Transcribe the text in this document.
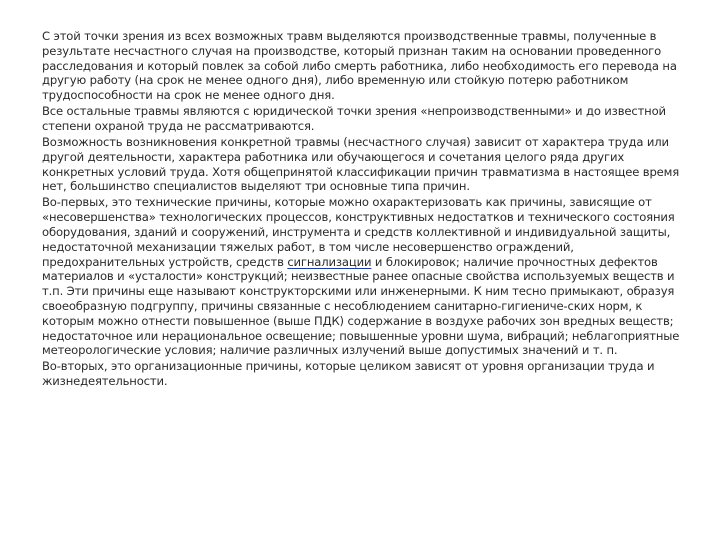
С этой точки зрения из всех возможных травм выделяются производственные травмы, полученные в результате несчастного случая на производстве, который признан таким на основании проведенного расследования и который повлек за собой либо смерть работника, либо необходимость его перевода на другую работу (на срок не менее одного дня), либо временную или стойкую потерю работником трудоспособности на срок не менее одного дня.

Все остальные травмы являются с юридической точки зрения «непроизводственными» и до известной степени охраной труда не рассматриваются.

Возможность возникновения конкретной травмы (несчастного случая) зависит от характера труда или другой деятельности, характера работника или обучающегося и сочетания целого ряда других конкретных условий труда. Хотя общепринятой классификации причин травматизма в настоящее время нет, большинство специалистов выделяют три основные типа причин.

Во-первых, это технические причины, которые можно охарактеризовать как причины, зависящие от «несовершенства» технологических процессов, конструктивных недостатков и технического состояния оборудования, зданий и сооружений, инструмента и средств коллективной и индивидуальной защиты, недостаточной механизации тяжелых работ, в том числе несовершенство ограждений, предохранительных устройств, средств сигнализации и блокировок; наличие прочностных дефектов материалов и «усталости» конструкций; неизвестные ранее опасные свойства используемых веществ и т.п. Эти причины еще называют конструкторскими или инженерными. К ним тесно примыкают, образуя своеобразную подгруппу, причины связанные с несоблюдением санитарно-гигиениче-ских норм, к которым можно отнести повышенное (выше ПДК) содержание в воздухе рабочих зон вредных веществ; недостаточное или нерациональное освещение; повышенные уровни шума, вибраций; неблагоприятные метеорологические условия; наличие различных излучений выше допустимых значений и т. п.

Во-вторых, это организационные причины, которые целиком зависят от уровня организации труда и жизнедеятельности.
